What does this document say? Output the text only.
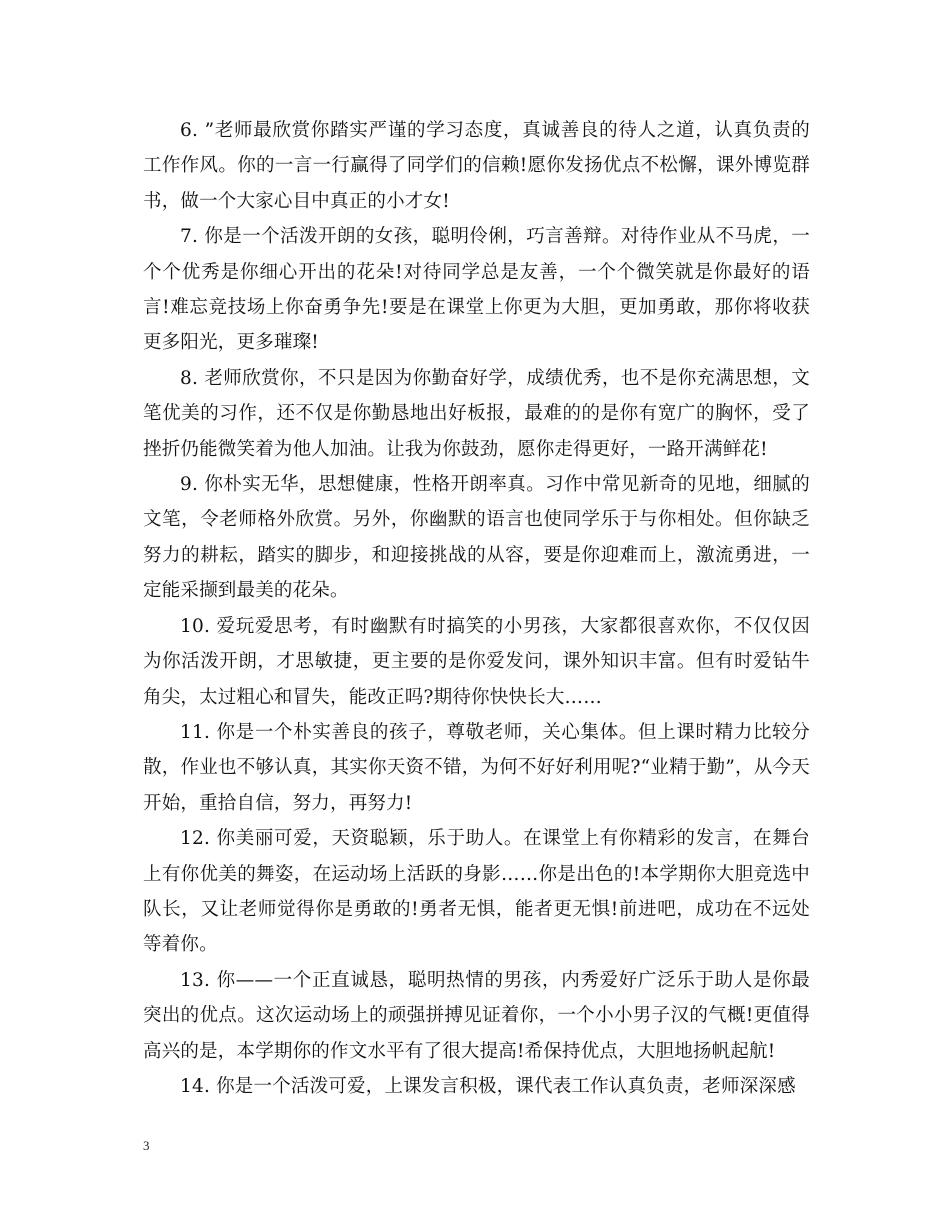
6. ”老师最欣赏你踏实严谨的学习态度，真诚善良的待人之道，认真负责的工作作风。你的一言一行赢得了同学们的信赖!愿你发扬优点不松懈，课外博览群书，做一个大家心目中真正的小才女!

7. 你是一个活泼开朗的女孩，聪明伶俐，巧言善辩。对待作业从不马虎，一个个优秀是你细心开出的花朵!对待同学总是友善，一个个微笑就是你最好的语言!难忘竞技场上你奋勇争先!要是在课堂上你更为大胆，更加勇敢，那你将收获更多阳光，更多璀璨!

8. 老师欣赏你，不只是因为你勤奋好学，成绩优秀，也不是你充满思想，文笔优美的习作，还不仅是你勤恳地出好板报，最难的的是你有宽广的胸怀，受了挫折仍能微笑着为他人加油。让我为你鼓劲，愿你走得更好，一路开满鲜花!

9. 你朴实无华，思想健康，性格开朗率真。习作中常见新奇的见地，细腻的文笔，令老师格外欣赏。另外，你幽默的语言也使同学乐于与你相处。但你缺乏努力的耕耘，踏实的脚步，和迎接挑战的从容，要是你迎难而上，激流勇进，一定能采撷到最美的花朵。

10. 爱玩爱思考，有时幽默有时搞笑的小男孩，大家都很喜欢你，不仅仅因为你活泼开朗，才思敏捷，更主要的是你爱发问，课外知识丰富。但有时爱钻牛角尖，太过粗心和冒失，能改正吗?期待你快快长大……

11. 你是一个朴实善良的孩子，尊敬老师，关心集体。但上课时精力比较分散，作业也不够认真，其实你天资不错，为何不好好利用呢?“业精于勤”，从今天开始，重拾自信，努力，再努力!

12. 你美丽可爱，天资聪颖，乐于助人。在课堂上有你精彩的发言，在舞台上有你优美的舞姿，在运动场上活跃的身影……你是出色的!本学期你大胆竞选中队长，又让老师觉得你是勇敢的!勇者无惧，能者更无惧!前进吧，成功在不远处等着你。

13. 你——一个正直诚恳，聪明热情的男孩，内秀爱好广泛乐于助人是你最突出的优点。这次运动场上的顽强拼搏见证着你，一个小小男子汉的气概!更值得高兴的是，本学期你的作文水平有了很大提高!希保持优点，大胆地扬帆起航!

14. 你是一个活泼可爱，上课发言积极，课代表工作认真负责，老师深深感

3
